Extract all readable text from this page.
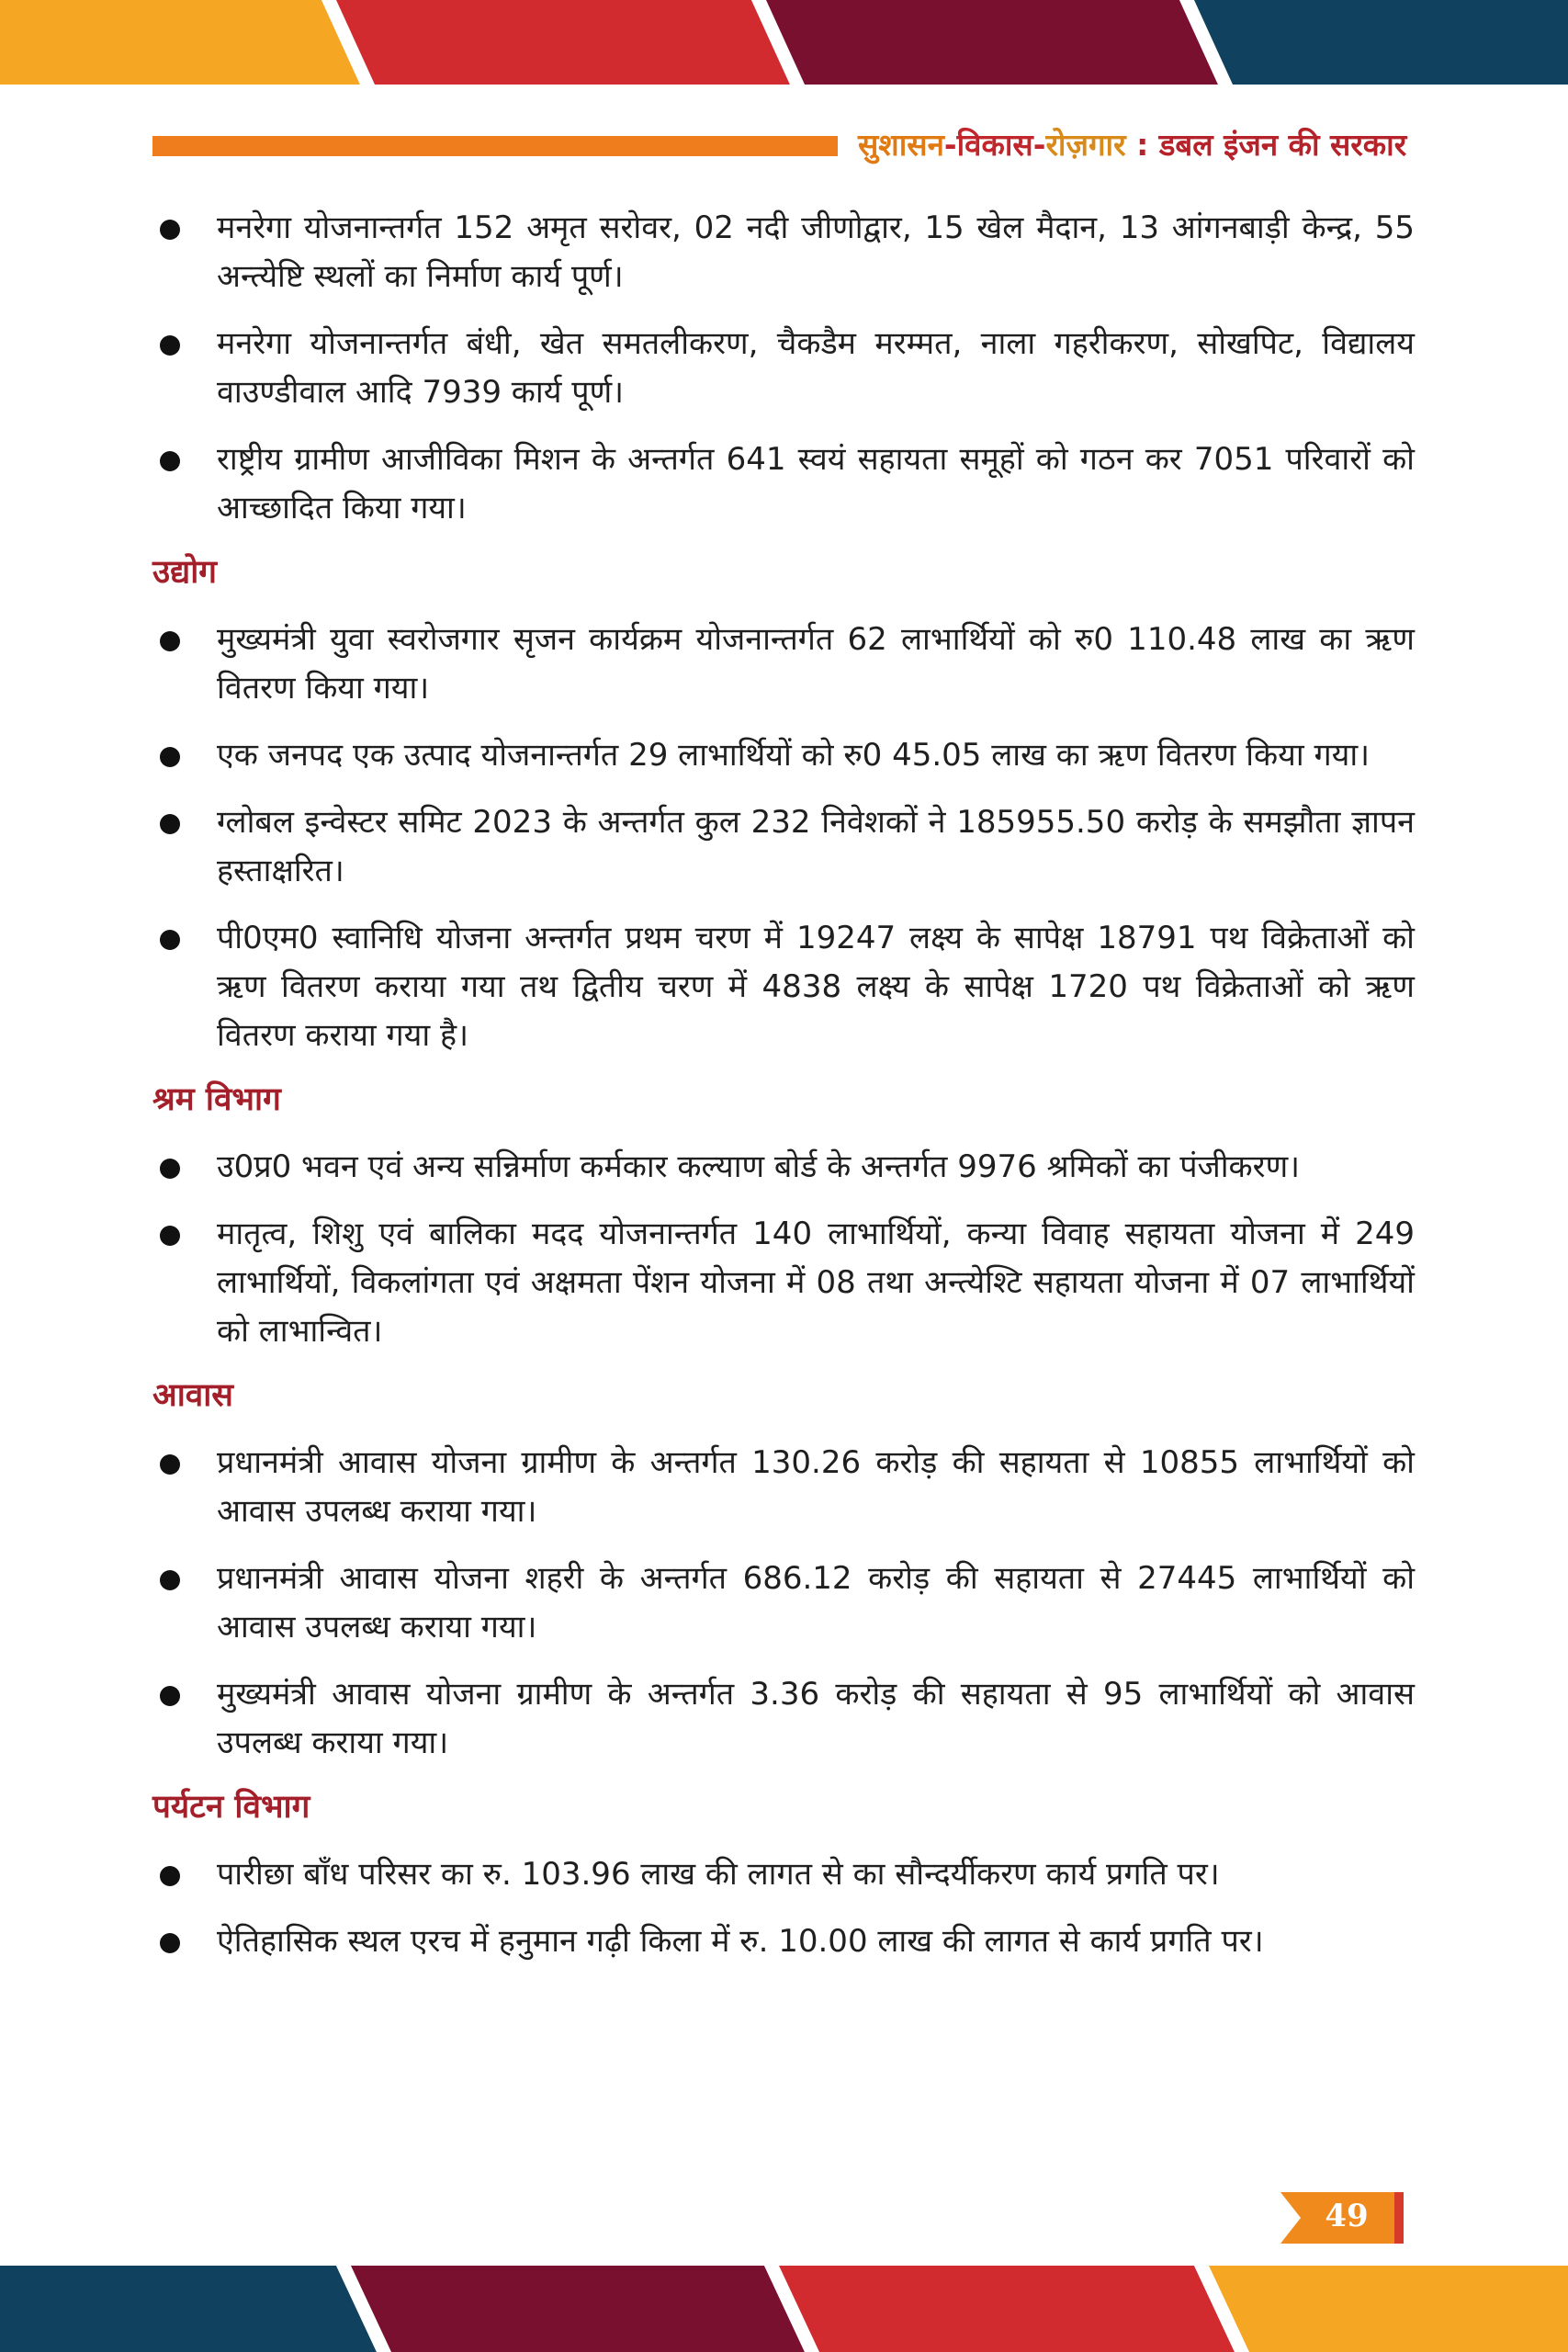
सुशासन-विकास-रोज़गार : डबल इंजन की सरकार
मनरेगा योजनान्तर्गत 152 अमृत सरोवर, 02 नदी जीणोद्वार, 15 खेल मैदान, 13 आंगनबाड़ी केन्द्र, 55 अन्त्येष्टि स्थलों का निर्माण कार्य पूर्ण।
मनरेगा योजनान्तर्गत बंधी, खेत समतलीकरण, चैकडैम मरम्मत, नाला गहरीकरण, सोखपिट, विद्यालय वाउण्डीवाल आदि 7939 कार्य पूर्ण।
राष्ट्रीय ग्रामीण आजीविका मिशन के अन्तर्गत 641 स्वयं सहायता समूहों को गठन कर 7051 परिवारों को आच्छादित किया गया।
उद्योग
मुख्यमंत्री युवा स्वरोजगार सृजन कार्यक्रम योजनान्तर्गत 62 लाभार्थियों को रु0 110.48 लाख का ऋण वितरण किया गया।
एक जनपद एक उत्पाद योजनान्तर्गत 29 लाभार्थियों को रु0 45.05 लाख का ऋण वितरण किया गया।
ग्लोबल इन्वेस्टर समिट 2023 के अन्तर्गत कुल 232 निवेशकों ने 185955.50 करोड़ के समझौता ज्ञापन हस्ताक्षरित।
पी0एम0 स्वानिधि योजना अन्तर्गत प्रथम चरण में 19247 लक्ष्य के सापेक्ष 18791 पथ विक्रेताओं को ऋण वितरण कराया गया तथ द्वितीय चरण में 4838 लक्ष्य के सापेक्ष 1720 पथ विक्रेताओं को ऋण वितरण कराया गया है।
श्रम विभाग
उ0प्र0 भवन एवं अन्य सन्निर्माण कर्मकार कल्याण बोर्ड के अन्तर्गत 9976 श्रमिकों का पंजीकरण।
मातृत्व, शिशु एवं बालिका मदद योजनान्तर्गत 140 लाभार्थियों, कन्या विवाह सहायता योजना में 249 लाभार्थियों, विकलांगता एवं अक्षमता पेंशन योजना में 08 तथा अन्त्येश्टि सहायता योजना में 07 लाभार्थियों को लाभान्वित।
आवास
प्रधानमंत्री आवास योजना ग्रामीण के अन्तर्गत 130.26 करोड़ की सहायता से 10855 लाभार्थियों को आवास उपलब्ध कराया गया।
प्रधानमंत्री आवास योजना शहरी के अन्तर्गत 686.12 करोड़ की सहायता से 27445 लाभार्थियों को आवास उपलब्ध कराया गया।
मुख्यमंत्री आवास योजना ग्रामीण के अन्तर्गत 3.36 करोड़ की सहायता से 95 लाभार्थियों को आवास उपलब्ध कराया गया।
पर्यटन विभाग
पारीछा बाँध परिसर का रु. 103.96 लाख की लागत से का सौन्दर्यीकरण कार्य प्रगति पर।
ऐतिहासिक स्थल एरच में हनुमान गढ़ी किला में रु. 10.00 लाख की लागत से कार्य प्रगति पर।
49
